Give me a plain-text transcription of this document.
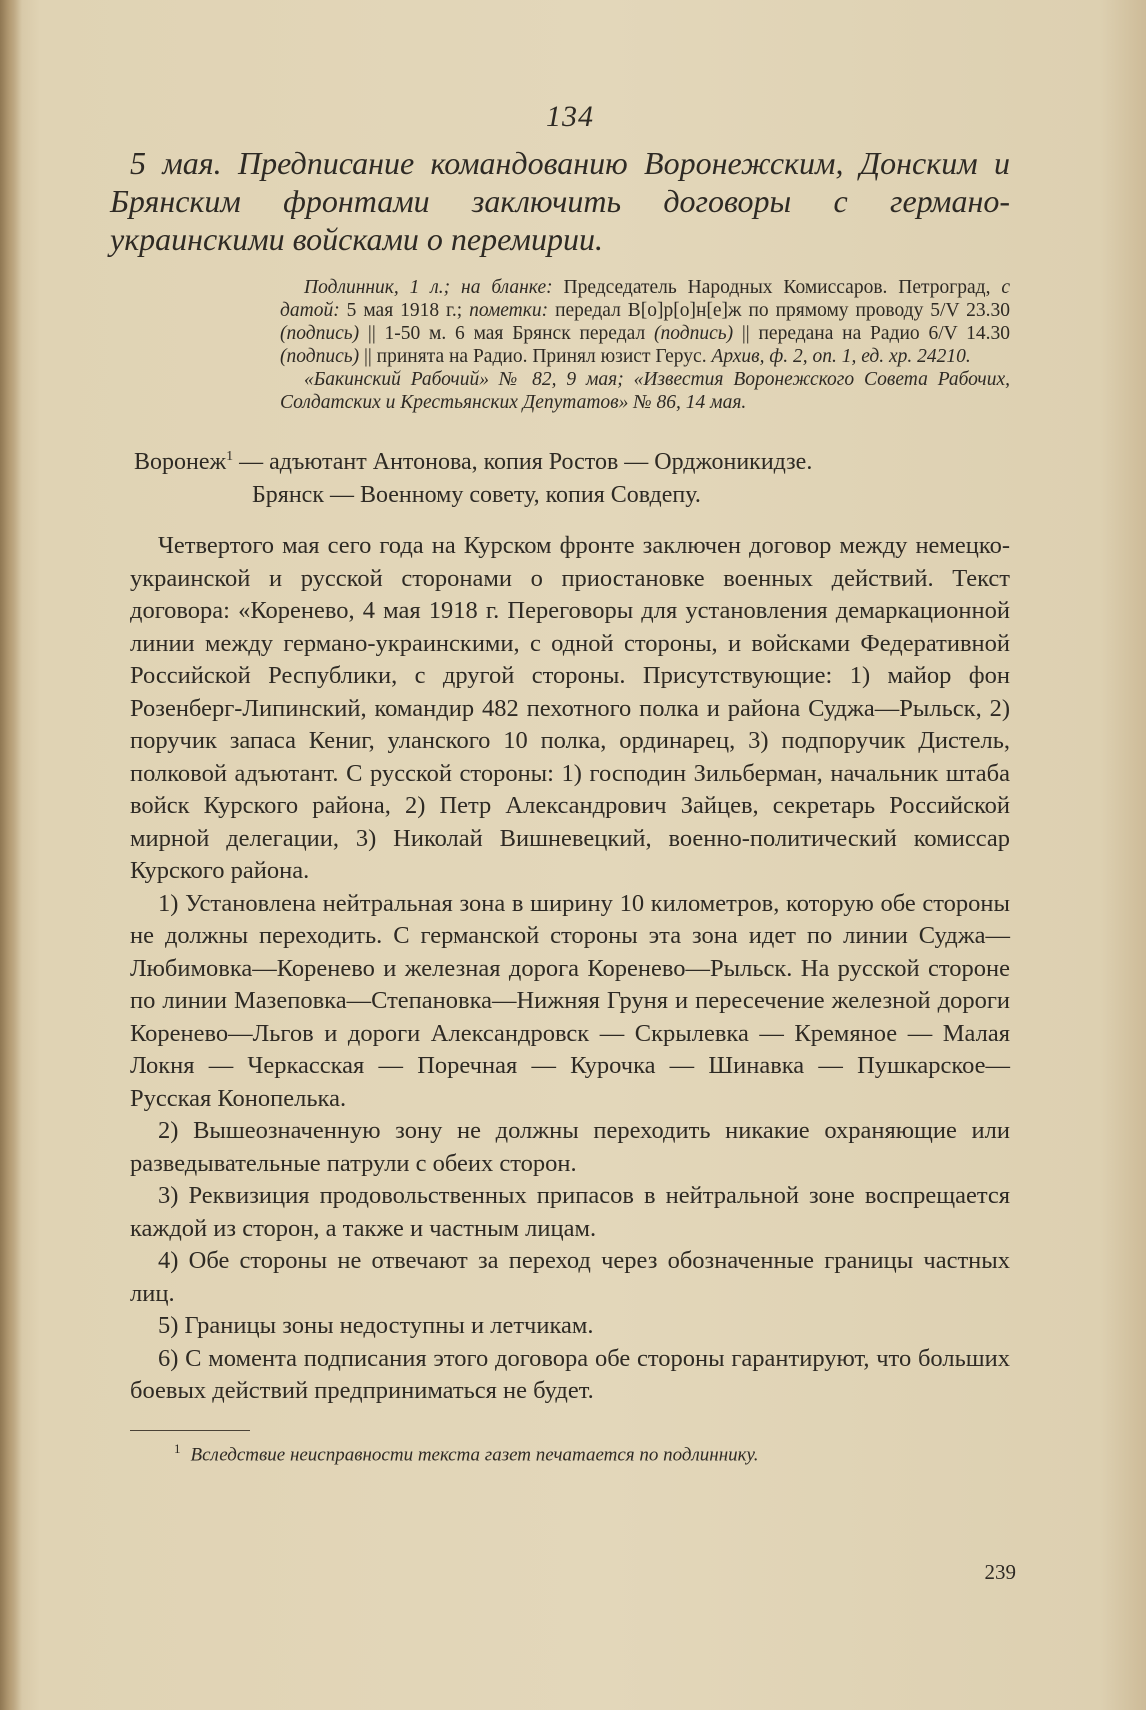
134
5 мая. Предписание командованию Воронежским, Донским и Брянским фронтами заключить договоры с германо-украинскими войсками о перемирии.
Подлинник, 1 л.; на бланке: Председатель Народных Комиссаров. Петроград, с датой: 5 мая 1918 г.; пометки: передал В[о]р[о]н[е]ж по прямому проводу 5/V 23.30 (подпись) || 1-50 м. 6 мая Брянск передал (подпись) || передана на Радио 6/V 14.30 (подпись) || принята на Радио. Принял юзист Герус. Архив, ф. 2, оп. 1, ед. хр. 24210.
«Бакинский Рабочий» № 82, 9 мая; «Известия Воронежского Совета Рабочих, Солдатских и Крестьянских Депутатов» № 86, 14 мая.
Воронеж$^1$ — адъютант Антонова, копия Ростов — Орджоникидзе.
Брянск — Военному совету, копия Совдепу.

Четвертого мая сего года на Курском фронте заключен договор между немецко-украинской и русской сторонами о приостановке военных действий. Текст договора: «Коренево, 4 мая 1918 г. Переговоры для установления демаркационной линии между германо-украинскими, с одной стороны, и войсками Федеративной Российской Республики, с другой стороны. Присутствующие: 1) майор фон Розенберг-Липинский, командир 482 пехотного полка и района Суджа—Рыльск, 2) поручик запаса Кениг, уланского 10 полка, ординарец, 3) подпоручик Дистель, полковой адъютант. С русской стороны: 1) господин Зильберман, начальник штаба войск Курского района, 2) Петр Александрович Зайцев, секретарь Российской мирной делегации, 3) Николай Вишневецкий, военно-политический комиссар Курского района.

1) Установлена нейтральная зона в ширину 10 километров, которую обе стороны не должны переходить. С германской стороны эта зона идет по линии Суджа—Любимовка—Коренево и железная дорога Коренево—Рыльск. На русской стороне по линии Мазеповка—Степановка—Нижняя Груня и пересечение железной дороги Коренево—Льгов и дороги Александровск — Скрылевка — Кремяное — Малая Локня — Черкасская — Поречная — Курочка — Шинавка — Пушкарское—Русская Конопелька.

2) Вышеозначенную зону не должны переходить никакие охраняющие или разведывательные патрули с обеих сторон.

3) Реквизиция продовольственных припасов в нейтральной зоне воспрещается каждой из сторон, а также и частным лицам.

4) Обе стороны не отвечают за переход через обозначенные границы частных лиц.

5) Границы зоны недоступны и летчикам.

6) С момента подписания этого договора обе стороны гарантируют, что больших боевых действий предприниматься не будет.

$^1$ Вследствие неисправности текста газет печатается по подлиннику.
239
